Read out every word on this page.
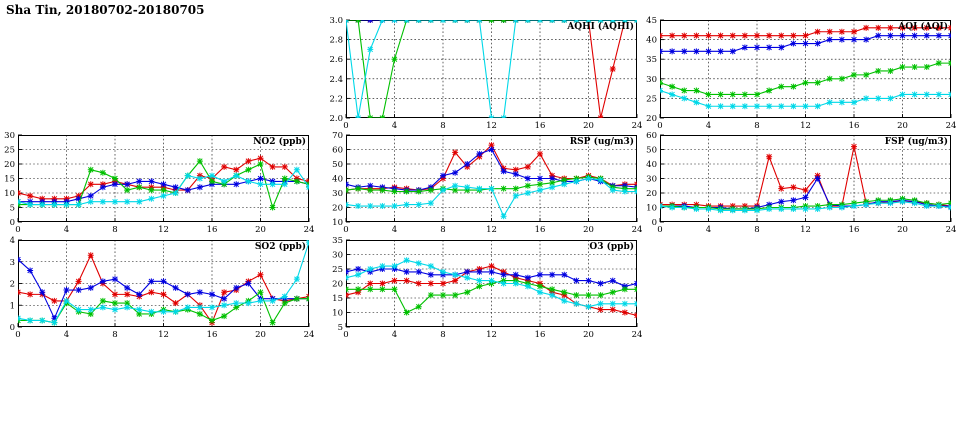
Sha Tin, 20180702-20180705
AQHI (AQHI)
0	4	8	12	16	20	24
2.0
2.2
2.4
2.6
2.8
3.0
AQI (AQI)
0	4	8	12	16	20	24
20
25
30
35
40
45
NO2 (ppb)
0	4	8	12	16	20	24
0
5
10
15
20
25
30
RSP (ug/m3)
0	4	8	12	16	20	24
10
20
30
40
50
60
70
FSP (ug/m3)
0	4	8	12	16	20	24
0
10
20
30
40
50
60
SO2 (ppb)
0	4	8	12	16	20	24
0
1
2
3
4
O3 (ppb)
0	4	8	12	16	20	24
5
10
15
20
25
30
35
